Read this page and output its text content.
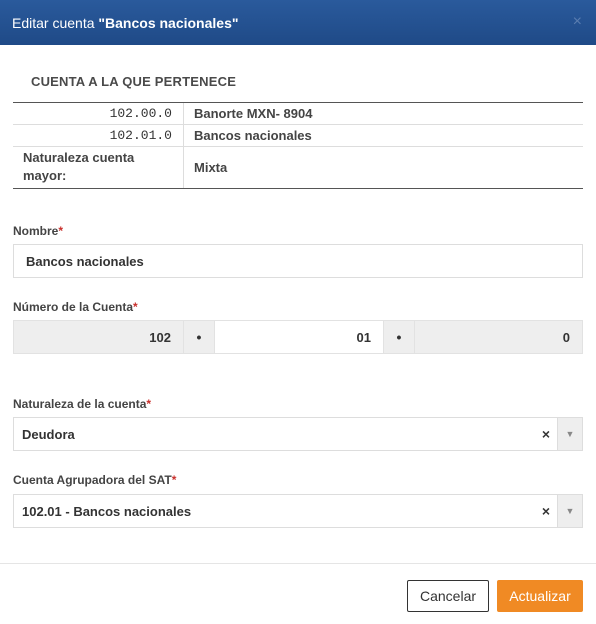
Editar cuenta "Bancos nacionales"	×
CUENTA A LA QUE PERTENECE
102.00.0	Banorte MXN- 8904
102.01.0	Bancos nacionales
Naturaleza cuenta mayor:
Mixta
Nombre*
Bancos nacionales
Número de la Cuenta*
102	•	01	•	0
Naturaleza de la cuenta*
Deudora	×	▼
Cuenta Agrupadora del SAT*
102.01 - Bancos nacionales	×	▼
Cancelar	Actualizar
